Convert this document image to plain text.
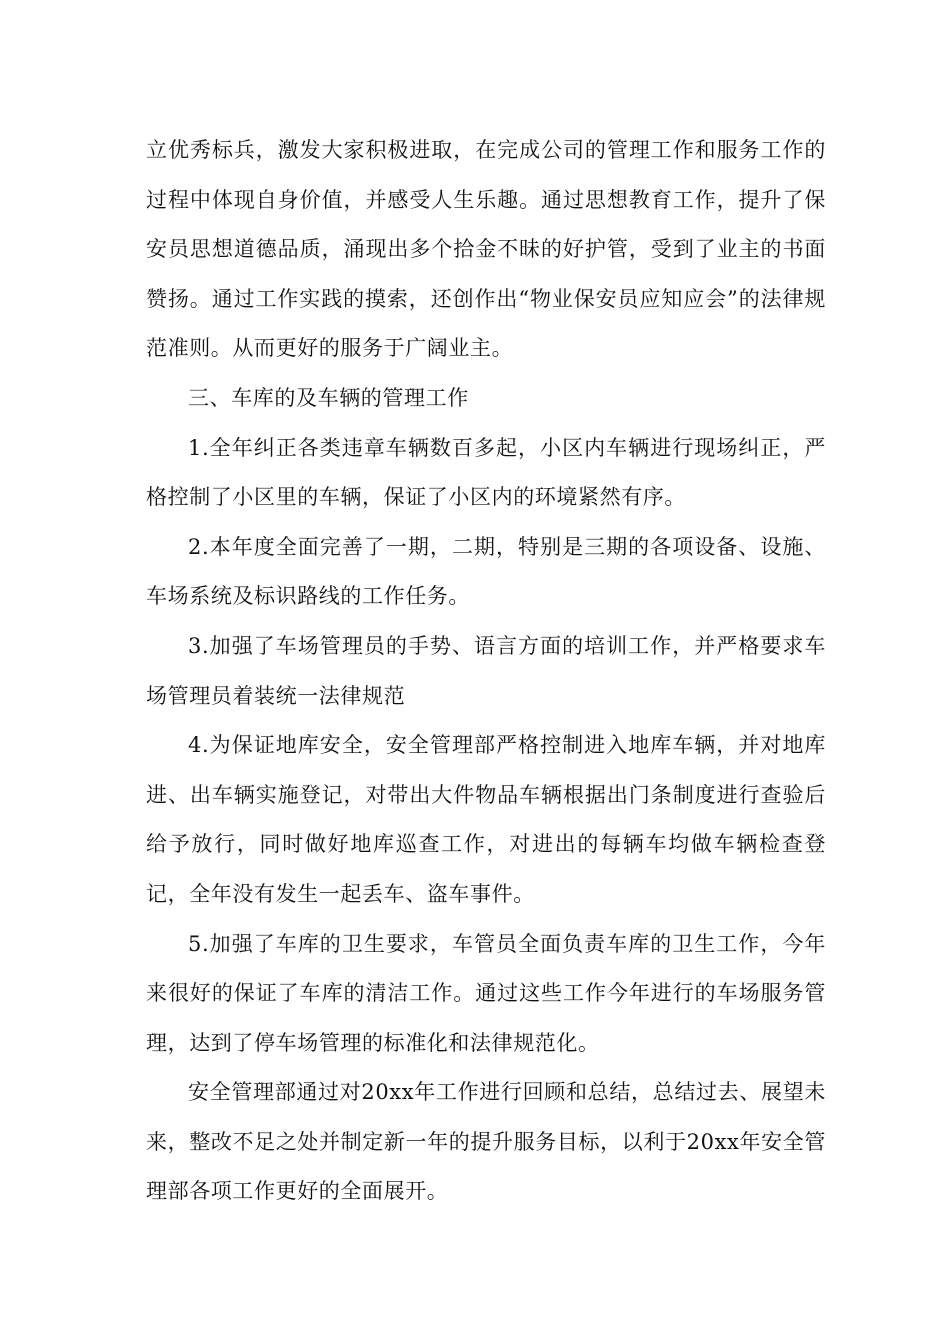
立优秀标兵，激发大家积极进取，在完成公司的管理工作和服务工作的过程中体现自身价值，并感受人生乐趣。通过思想教育工作，提升了保安员思想道德品质，涌现出多个拾金不昧的好护管，受到了业主的书面赞扬。通过工作实践的摸索，还创作出“物业保安员应知应会”的法律规范准则。从而更好的服务于广阔业主。

三、车库的及车辆的管理工作

1.全年纠正各类违章车辆数百多起，小区内车辆进行现场纠正，严格控制了小区里的车辆，保证了小区内的环境紧然有序。

2.本年度全面完善了一期，二期，特别是三期的各项设备、设施、车场系统及标识路线的工作任务。

3.加强了车场管理员的手势、语言方面的培训工作，并严格要求车场管理员着装统一法律规范

4.为保证地库安全，安全管理部严格控制进入地库车辆，并对地库进、出车辆实施登记，对带出大件物品车辆根据出门条制度进行查验后给予放行，同时做好地库巡查工作，对进出的每辆车均做车辆检查登记，全年没有发生一起丢车、盗车事件。

5.加强了车库的卫生要求，车管员全面负责车库的卫生工作，今年来很好的保证了车库的清洁工作。通过这些工作今年进行的车场服务管理，达到了停车场管理的标准化和法律规范化。

安全管理部通过对20xx年工作进行回顾和总结，总结过去、展望未来，整改不足之处并制定新一年的提升服务目标，以利于20xx年安全管理部各项工作更好的全面展开。
